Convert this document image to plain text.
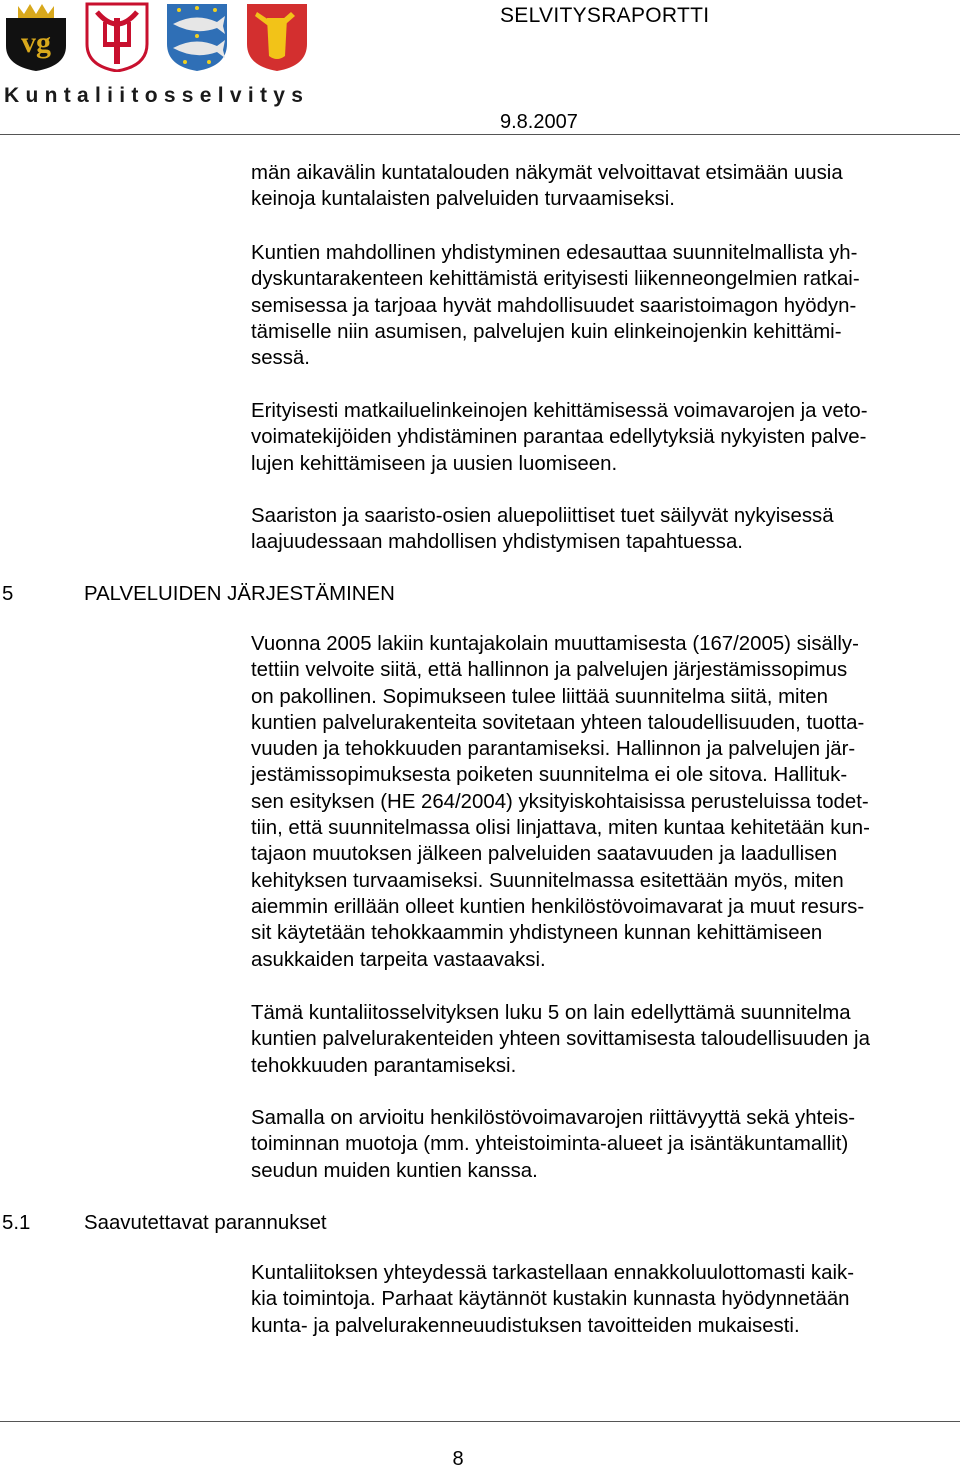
vg
Kuntaliitosselvitys
SELVITYSRAPORTTI
9.8.2007

män aikavälin kuntatalouden näkymät velvoittavat etsimään uusia
keinoja kuntalaisten palveluiden turvaamiseksi.

Kuntien mahdollinen yhdistyminen edesauttaa suunnitelmallista yh-
dyskuntarakenteen kehittämistä erityisesti liikenneongelmien ratkai-
semisessa ja tarjoaa hyvät mahdollisuudet saaristoimagon hyödyn-
tämiselle niin asumisen, palvelujen kuin elinkeinojenkin kehittämi-
sessä.

Erityisesti matkailuelinkeinojen kehittämisessä voimavarojen ja veto-
voimatekijöiden yhdistäminen parantaa edellytyksiä nykyisten palve-
lujen kehittämiseen ja uusien luomiseen.

Saariston ja saaristo-osien aluepoliittiset tuet säilyvät nykyisessä
laajuudessaan mahdollisen yhdistymisen tapahtuessa.

5	PALVELUIDEN JÄRJESTÄMINEN

Vuonna 2005 lakiin kuntajakolain muuttamisesta (167/2005) sisälly-
tettiin velvoite siitä, että hallinnon ja palvelujen järjestämissopimus
on pakollinen. Sopimukseen tulee liittää suunnitelma siitä, miten
kuntien palvelurakenteita sovitetaan yhteen taloudellisuuden, tuotta-
vuuden ja tehokkuuden parantamiseksi. Hallinnon ja palvelujen jär-
jestämissopimuksesta poiketen suunnitelma ei ole sitova. Hallituk-
sen esityksen (HE 264/2004) yksityiskohtaisissa perusteluissa todet-
tiin, että suunnitelmassa olisi linjattava, miten kuntaa kehitetään kun-
tajaon muutoksen jälkeen palveluiden saatavuuden ja laadullisen
kehityksen turvaamiseksi. Suunnitelmassa esitettään myös, miten
aiemmin erillään olleet kuntien henkilöstövoimavarat ja muut resurs-
sit käytetään tehokkaammin yhdistyneen kunnan kehittämiseen
asukkaiden tarpeita vastaavaksi.

Tämä kuntaliitosselvityksen luku 5 on lain edellyttämä suunnitelma
kuntien palvelurakenteiden yhteen sovittamisesta taloudellisuuden ja
tehokkuuden parantamiseksi.

Samalla on arvioitu henkilöstövoimavarojen riittävyyttä sekä yhteis-
toiminnan muotoja (mm. yhteistoiminta-alueet ja isäntäkuntamallit)
seudun muiden kuntien kanssa.

5.1	Saavutettavat parannukset

Kuntaliitoksen yhteydessä tarkastellaan ennakkoluulottomasti kaik-
kia toimintoja. Parhaat käytännöt kustakin kunnasta hyödynnetään
kunta- ja palvelurakenneuudistuksen tavoitteiden mukaisesti.

8
